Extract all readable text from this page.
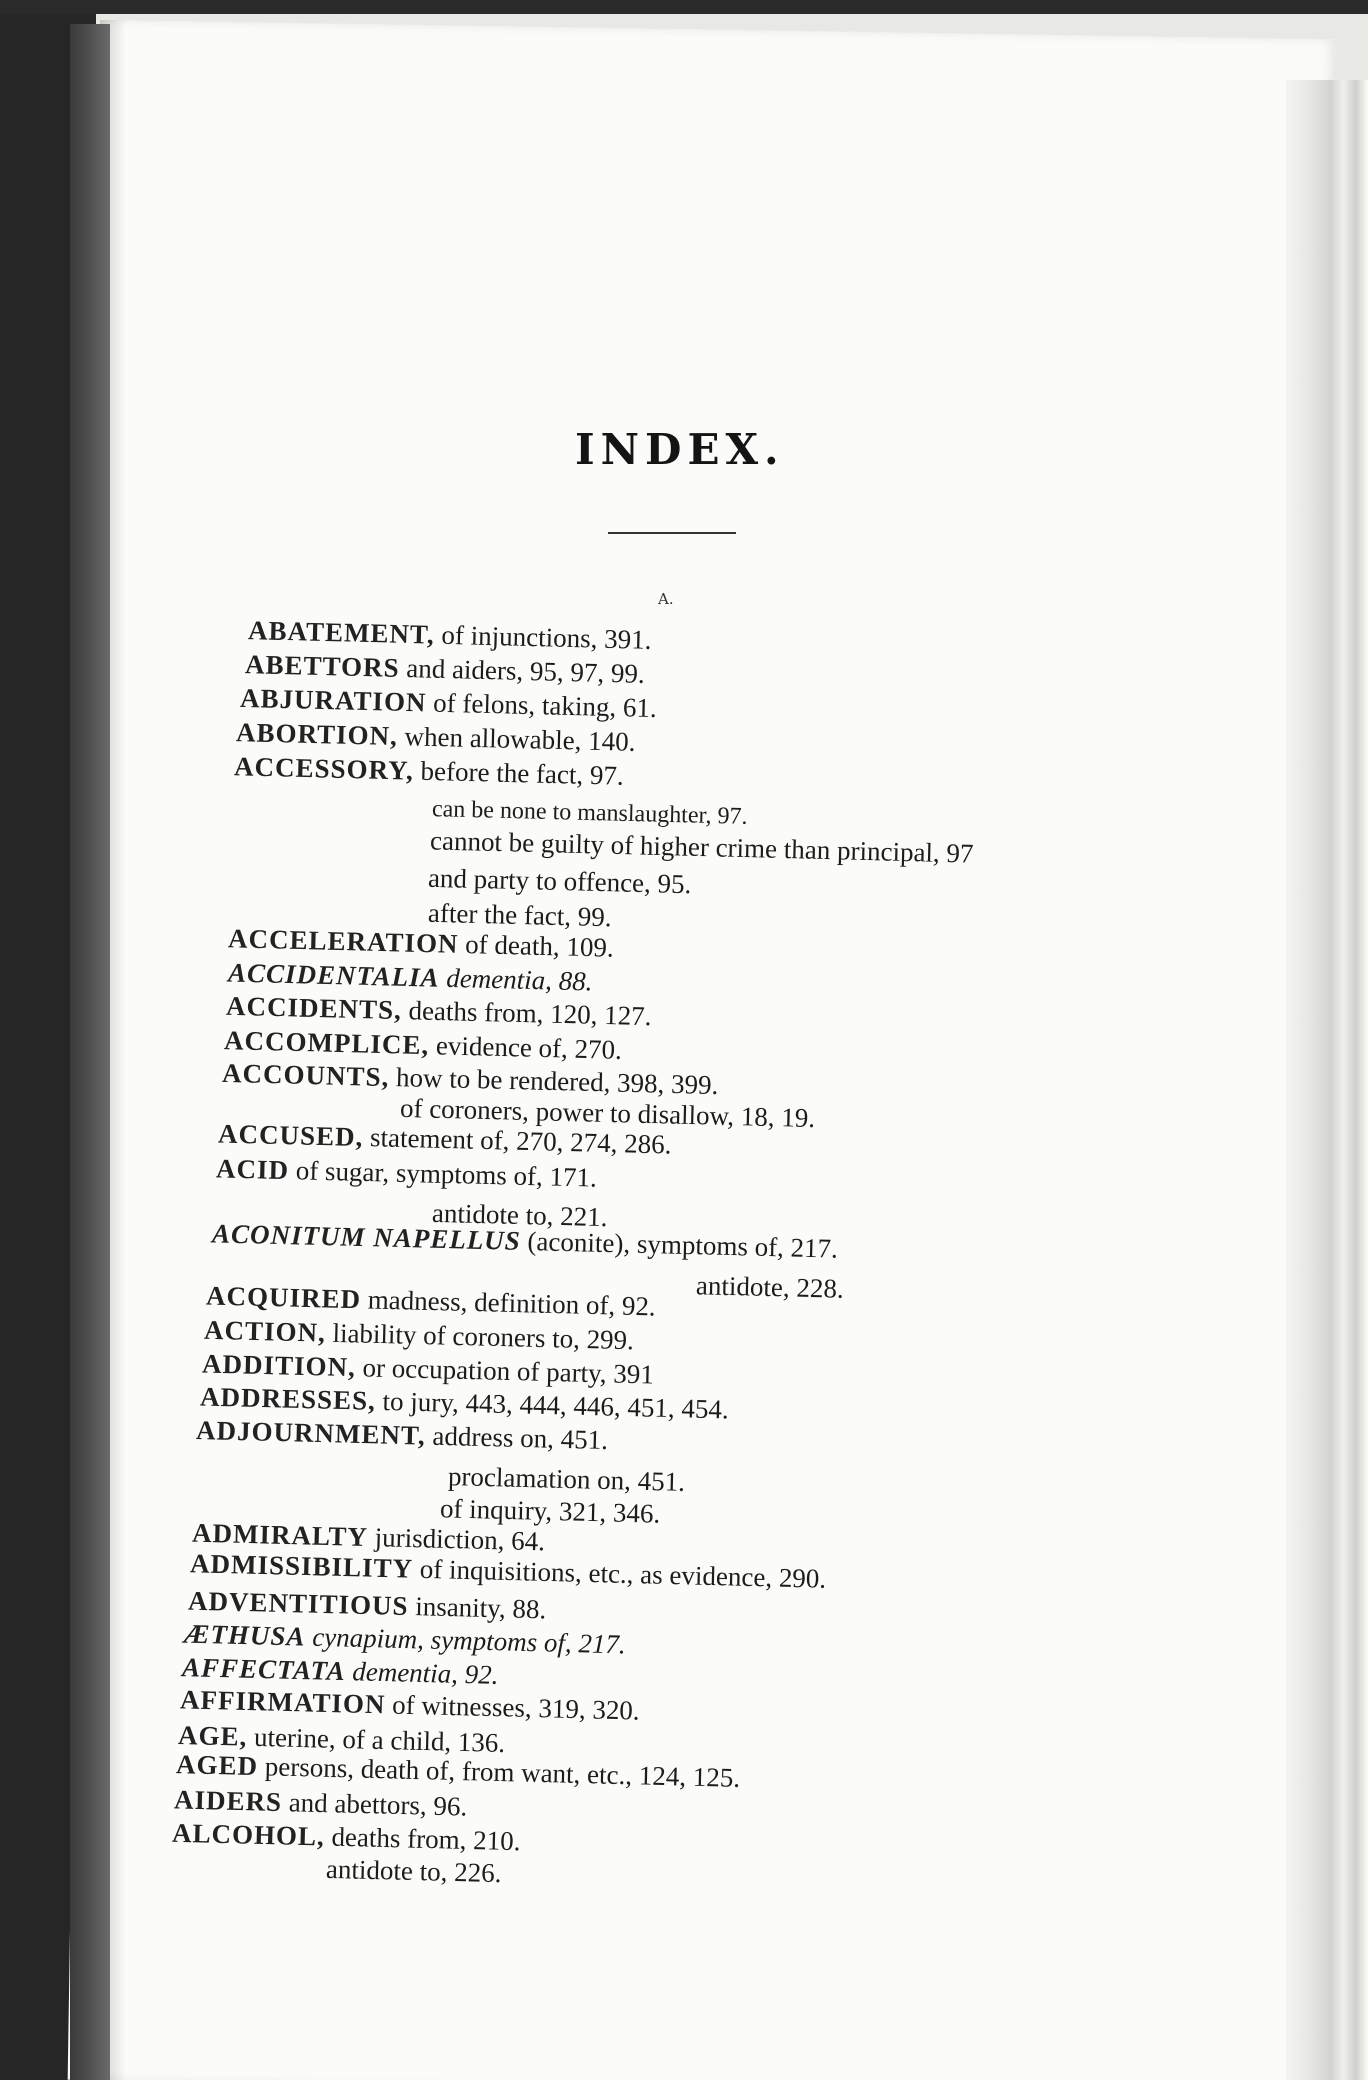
INDEX.
A.
ABATEMENT, of injunctions, 391.
ABETTORS and aiders, 95, 97, 99.
ABJURATION of felons, taking, 61.
ABORTION, when allowable, 140.
ACCESSORY, before the fact, 97.
can be none to manslaughter, 97.
cannot be guilty of higher crime than principal, 97
and party to offence, 95.
after the fact, 99.
ACCELERATION of death, 109.
ACCIDENTALIA dementia, 88.
ACCIDENTS, deaths from, 120, 127.
ACCOMPLICE, evidence of, 270.
ACCOUNTS, how to be rendered, 398, 399.
of coroners, power to disallow, 18, 19.
ACCUSED, statement of, 270, 274, 286.
ACID of sugar, symptoms of, 171.
antidote to, 221.
ACONITUM NAPELLUS (aconite), symptoms of, 217.
antidote, 228.
ACQUIRED madness, definition of, 92.
ACTION, liability of coroners to, 299.
ADDITION, or occupation of party, 391
ADDRESSES, to jury, 443, 444, 446, 451, 454.
ADJOURNMENT, address on, 451.
proclamation on, 451.
of inquiry, 321, 346.
ADMIRALTY jurisdiction, 64.
ADMISSIBILITY of inquisitions, etc., as evidence, 290.
ADVENTITIOUS insanity, 88.
ÆTHUSA cynapium, symptoms of, 217.
AFFECTATA dementia, 92.
AFFIRMATION of witnesses, 319, 320.
AGE, uterine, of a child, 136.
AGED persons, death of, from want, etc., 124, 125.
AIDERS and abettors, 96.
ALCOHOL, deaths from, 210.
antidote to, 226.
